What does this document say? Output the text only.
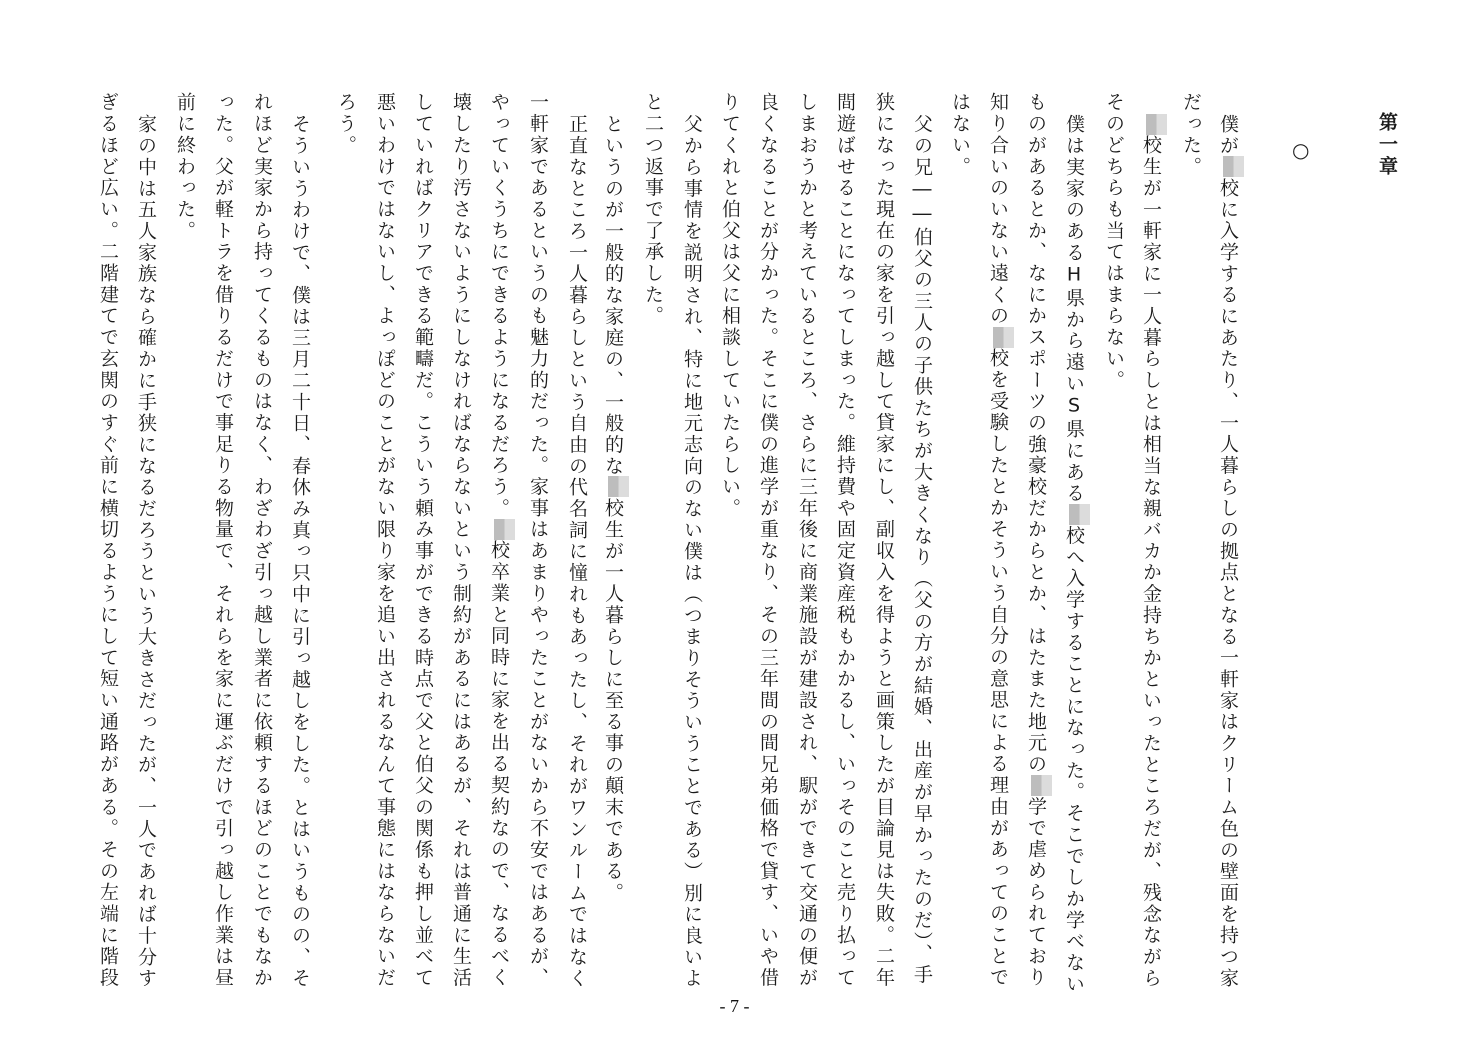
第一章
○
僕が校に入学するにあたり、一人暮らしの拠点となる一軒家はクリーム色の壁面を持つ家
だった。
校生が一軒家に一人暮らしとは相当な親バカか金持ちかといったところだが、残念ながら
そのどちらも当てはまらない。
僕は実家のあるH県から遠いS県にある校へ入学することになった。そこでしか学べない
ものがあるとか、なにかスポーツの強豪校だからとか、はたまた地元の学で虐められており
知り合いのいない遠くの校を受験したとかそういう自分の意思による理由があってのことで
はない。
父の兄――伯父の三人の子供たちが大きくなり（父の方が結婚、出産が早かったのだ）、手
狭になった現在の家を引っ越して貸家にし、副収入を得ようと画策したが目論見は失敗。二年
間遊ばせることになってしまった。維持費や固定資産税もかかるし、いっそのこと売り払って
しまおうかと考えているところ、さらに三年後に商業施設が建設され、駅ができて交通の便が
良くなることが分かった。そこに僕の進学が重なり、その三年間の間兄弟価格で貸す、いや借
りてくれと伯父は父に相談していたらしい。
父から事情を説明され、特に地元志向のない僕は（つまりそういうことである）別に良いよ
と二つ返事で了承した。
というのが一般的な家庭の、一般的な校生が一人暮らしに至る事の顛末である。
正直なところ一人暮らしという自由の代名詞に憧れもあったし、それがワンルームではなく
一軒家であるというのも魅力的だった。家事はあまりやったことがないから不安ではあるが、
やっていくうちにできるようになるだろう。校卒業と同時に家を出る契約なので、なるべく
壊したり汚さないようにしなければならないという制約があるにはあるが、それは普通に生活
していればクリアできる範疇だ。こういう頼み事ができる時点で父と伯父の関係も押し並べて
悪いわけではないし、よっぽどのことがない限り家を追い出されるなんて事態にはならないだ
ろう。
そういうわけで、僕は三月二十日、春休み真っ只中に引っ越しをした。とはいうものの、そ
れほど実家から持ってくるものはなく、わざわざ引っ越し業者に依頼するほどのことでもなか
った。父が軽トラを借りるだけで事足りる物量で、それらを家に運ぶだけで引っ越し作業は昼
前に終わった。
家の中は五人家族なら確かに手狭になるだろうという大きさだったが、一人であれば十分す
ぎるほど広い。二階建てで玄関のすぐ前に横切るようにして短い通路がある。その左端に階段
- 7 -
